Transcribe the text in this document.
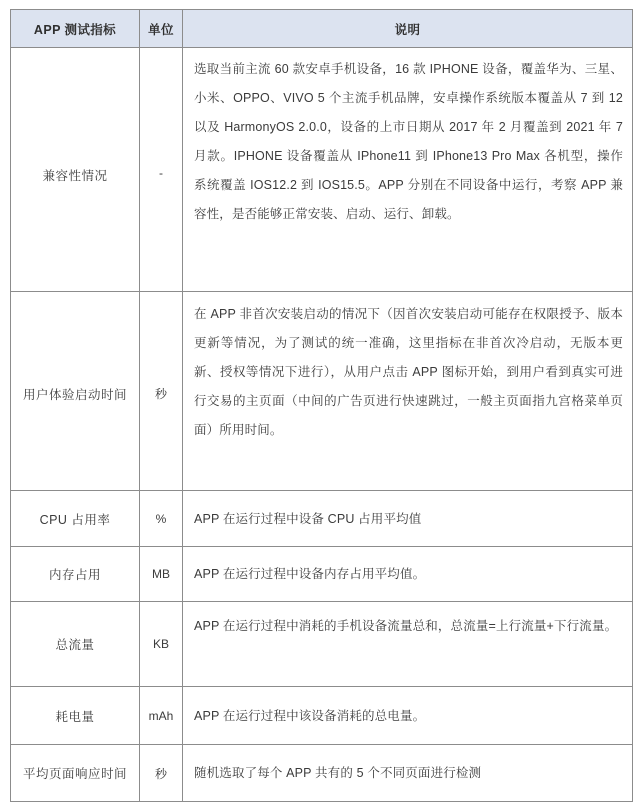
APP 测试指标	单位	说明
兼容性情况	-	选取当前主流 60 款安卓手机设备，16 款 IPHONE 设备，覆盖华为、三星、小米、OPPO、VIVO 5 个主流手机品牌，安卓操作系统版本覆盖从 7 到 12 以及 HarmonyOS 2.0.0，设备的上市日期从 2017 年 2 月覆盖到 2021 年 7 月款。IPHONE 设备覆盖从 IPhone11 到 IPhone13 Pro Max 各机型，操作系统覆盖 IOS12.2 到 IOS15.5。APP 分别在不同设备中运行，考察 APP 兼容性，是否能够正常安装、启动、运行、卸载。
用户体验启动时间	秒	在 APP 非首次安装启动的情况下（因首次安装启动可能存在权限授予、版本更新等情况，为了测试的统一准确，这里指标在非首次冷启动，无版本更新、授权等情况下进行），从用户点击 APP 图标开始，到用户看到真实可进行交易的主页面（中间的广告页进行快速跳过，一般主页面指九宫格菜单页面）所用时间。
CPU 占用率	%	APP 在运行过程中设备 CPU 占用平均值
内存占用	MB	APP 在运行过程中设备内存占用平均值。
总流量	KB	APP 在运行过程中消耗的手机设备流量总和，总流量=上行流量+下行流量。
耗电量	mAh	APP 在运行过程中该设备消耗的总电量。
平均页面响应时间	秒	随机选取了每个 APP 共有的 5 个不同页面进行检测
